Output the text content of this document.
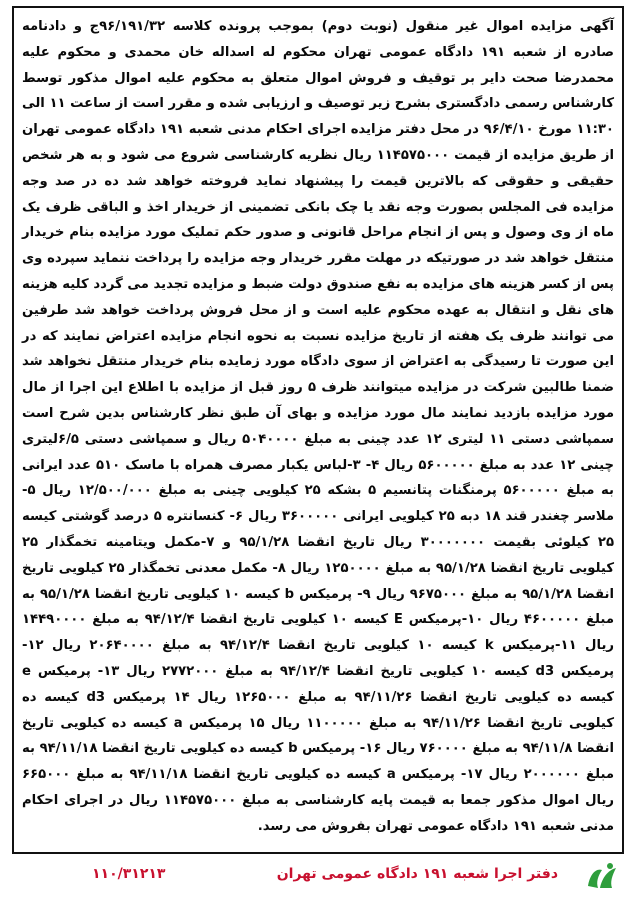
آگهی مزایده اموال غیر منقول (نوبت دوم) بموجب پرونده کلاسه ۹۶/۱۹۱/۳۲ج و دادنامه صادره از شعبه ۱۹۱ دادگاه عمومی تهران محکوم له اسداله خان محمدی و محکوم علیه محمدرضا صحت دایر بر توقیف و فروش اموال متعلق به محکوم علیه اموال مذکور توسط کارشناس رسمی دادگستری بشرح زیر توصیف و ارزیابی شده و مقرر است از ساعت ۱۱ الی ۱۱:۳۰ مورخ ۹۶/۴/۱۰ در محل دفتر مزایده اجرای احکام مدنی شعبه ۱۹۱ دادگاه عمومی تهران از طریق مزایده از قیمت ۱۱۴۵۷۵۰۰۰ ریال نظریه کارشناسی شروع می شود و به هر شخص حقیقی و حقوقی که بالاترین قیمت را پیشنهاد نماید فروخته خواهد شد ده در صد وجه مزایده فی المجلس بصورت وجه نقد یا چک بانکی تضمینی از خریدار اخذ و الباقی ظرف یک ماه از وی وصول و پس از انجام مراحل قانونی و صدور حکم تملیک مورد مزایده بنام خریدار منتقل خواهد شد در صورتیکه در مهلت مقرر خریدار وجه مزایده را پرداخت ننماید سپرده وی پس از کسر هزینه های مزایده به نفع صندوق دولت ضبط و مزایده تجدید می گردد کلیه هزینه های نقل و انتقال به عهده محکوم علیه است و از محل فروش پرداخت خواهد شد طرفین می توانند ظرف یک هفته از تاریخ مزایده نسبت به نحوه انجام مزایده اعتراض نمایند که در این صورت تا رسیدگی به اعتراض از سوی دادگاه مورد زمایده بنام خریدار منتقل نخواهد شد ضمنا طالبین شرکت در مزایده میتوانند ظرف ۵ روز قبل از مزایده با اطلاع این اجرا از مال مورد مزایده بازدید نمایند مال مورد مزایده و بهای آن طبق نظر کارشناس بدین شرح است سمپاشی دستی ۱۱ لیتری ۱۲ عدد چینی به مبلغ ۵۰۴۰۰۰۰ ریال و سمپاشی دستی ۶/۵لیتری چینی ۱۲ عدد به مبلغ ۵۶۰۰۰۰۰ ریال ۴- ۳-لباس یکبار مصرف همراه با ماسک ۵۱۰ عدد ایرانی به مبلغ ۵۶۰۰۰۰۰ پرمنگنات پتانسیم ۵ بشکه ۲۵ کیلویی چینی به مبلغ ۱۲/۵۰۰/۰۰۰ ریال ۵-ملاسر چغندر قند ۱۸ دبه ۲۵ کیلویی ایرانی ۳۶۰۰۰۰۰ ریال ۶- کنسانتره ۵ درصد گوشتی کیسه ۲۵ کیلوئی بقیمت ۳۰۰۰۰۰۰۰ ریال تاریخ انقضا ۹۵/۱/۲۸ و ۷-مکمل ویتامینه تخمگذار ۲۵ کیلویی تاریخ انقضا ۹۵/۱/۲۸ به مبلغ ۱۲۵۰۰۰۰ ریال ۸- مکمل معدنی تخمگذار ۲۵ کیلویی تاریخ انقضا ۹۵/۱/۲۸ به مبلغ ۹۶۷۵۰۰۰ ریال ۹- پرمیکس b کیسه ۱۰ کیلویی تاریخ انقضا ۹۵/۱/۲۸ به مبلغ ۴۶۰۰۰۰۰ ریال ۱۰-پرمیکس E کیسه ۱۰ کیلویی تاریخ انقضا ۹۴/۱۲/۴ به مبلغ ۱۴۴۹۰۰۰۰ ریال ۱۱-پرمیکس k کیسه ۱۰ کیلویی تاریخ انقضا ۹۴/۱۲/۴ به مبلغ ۲۰۶۴۰۰۰۰ ریال ۱۲-پرمیکس d3 کیسه ۱۰ کیلویی تاریخ انقضا ۹۴/۱۲/۴ به مبلغ ۲۷۷۲۰۰۰ ریال ۱۳- پرمیکس e کیسه ده کیلویی تاریخ انقضا ۹۴/۱۱/۲۶ به مبلغ ۱۲۶۵۰۰۰ ریال ۱۴ پرمیکس d3 کیسه ده کیلویی تاریخ انقضا ۹۴/۱۱/۲۶ به مبلغ ۱۱۰۰۰۰۰ ریال ۱۵ پرمیکس a کیسه ده کیلویی تاریخ انقضا ۹۴/۱۱/۸ به مبلغ ۷۶۰۰۰۰ ریال ۱۶- پرمیکس b کیسه ده کیلویی تاریخ انقضا ۹۴/۱۱/۱۸ به مبلغ ۲۰۰۰۰۰۰ ریال ۱۷- پرمیکس a کیسه ده کیلویی تاریخ انقضا ۹۴/۱۱/۱۸ به مبلغ ۶۶۵۰۰۰ ریال اموال مذکور جمعا به قیمت پایه کارشناسی به مبلغ ۱۱۴۵۷۵۰۰۰ ریال در اجرای احکام مدنی شعبه ۱۹۱ دادگاه عمومی تهران بفروش می رسد.

۱۱۰/۳۱۲۱۳	دفتر اجرا شعبه ۱۹۱ دادگاه عمومی تهران
